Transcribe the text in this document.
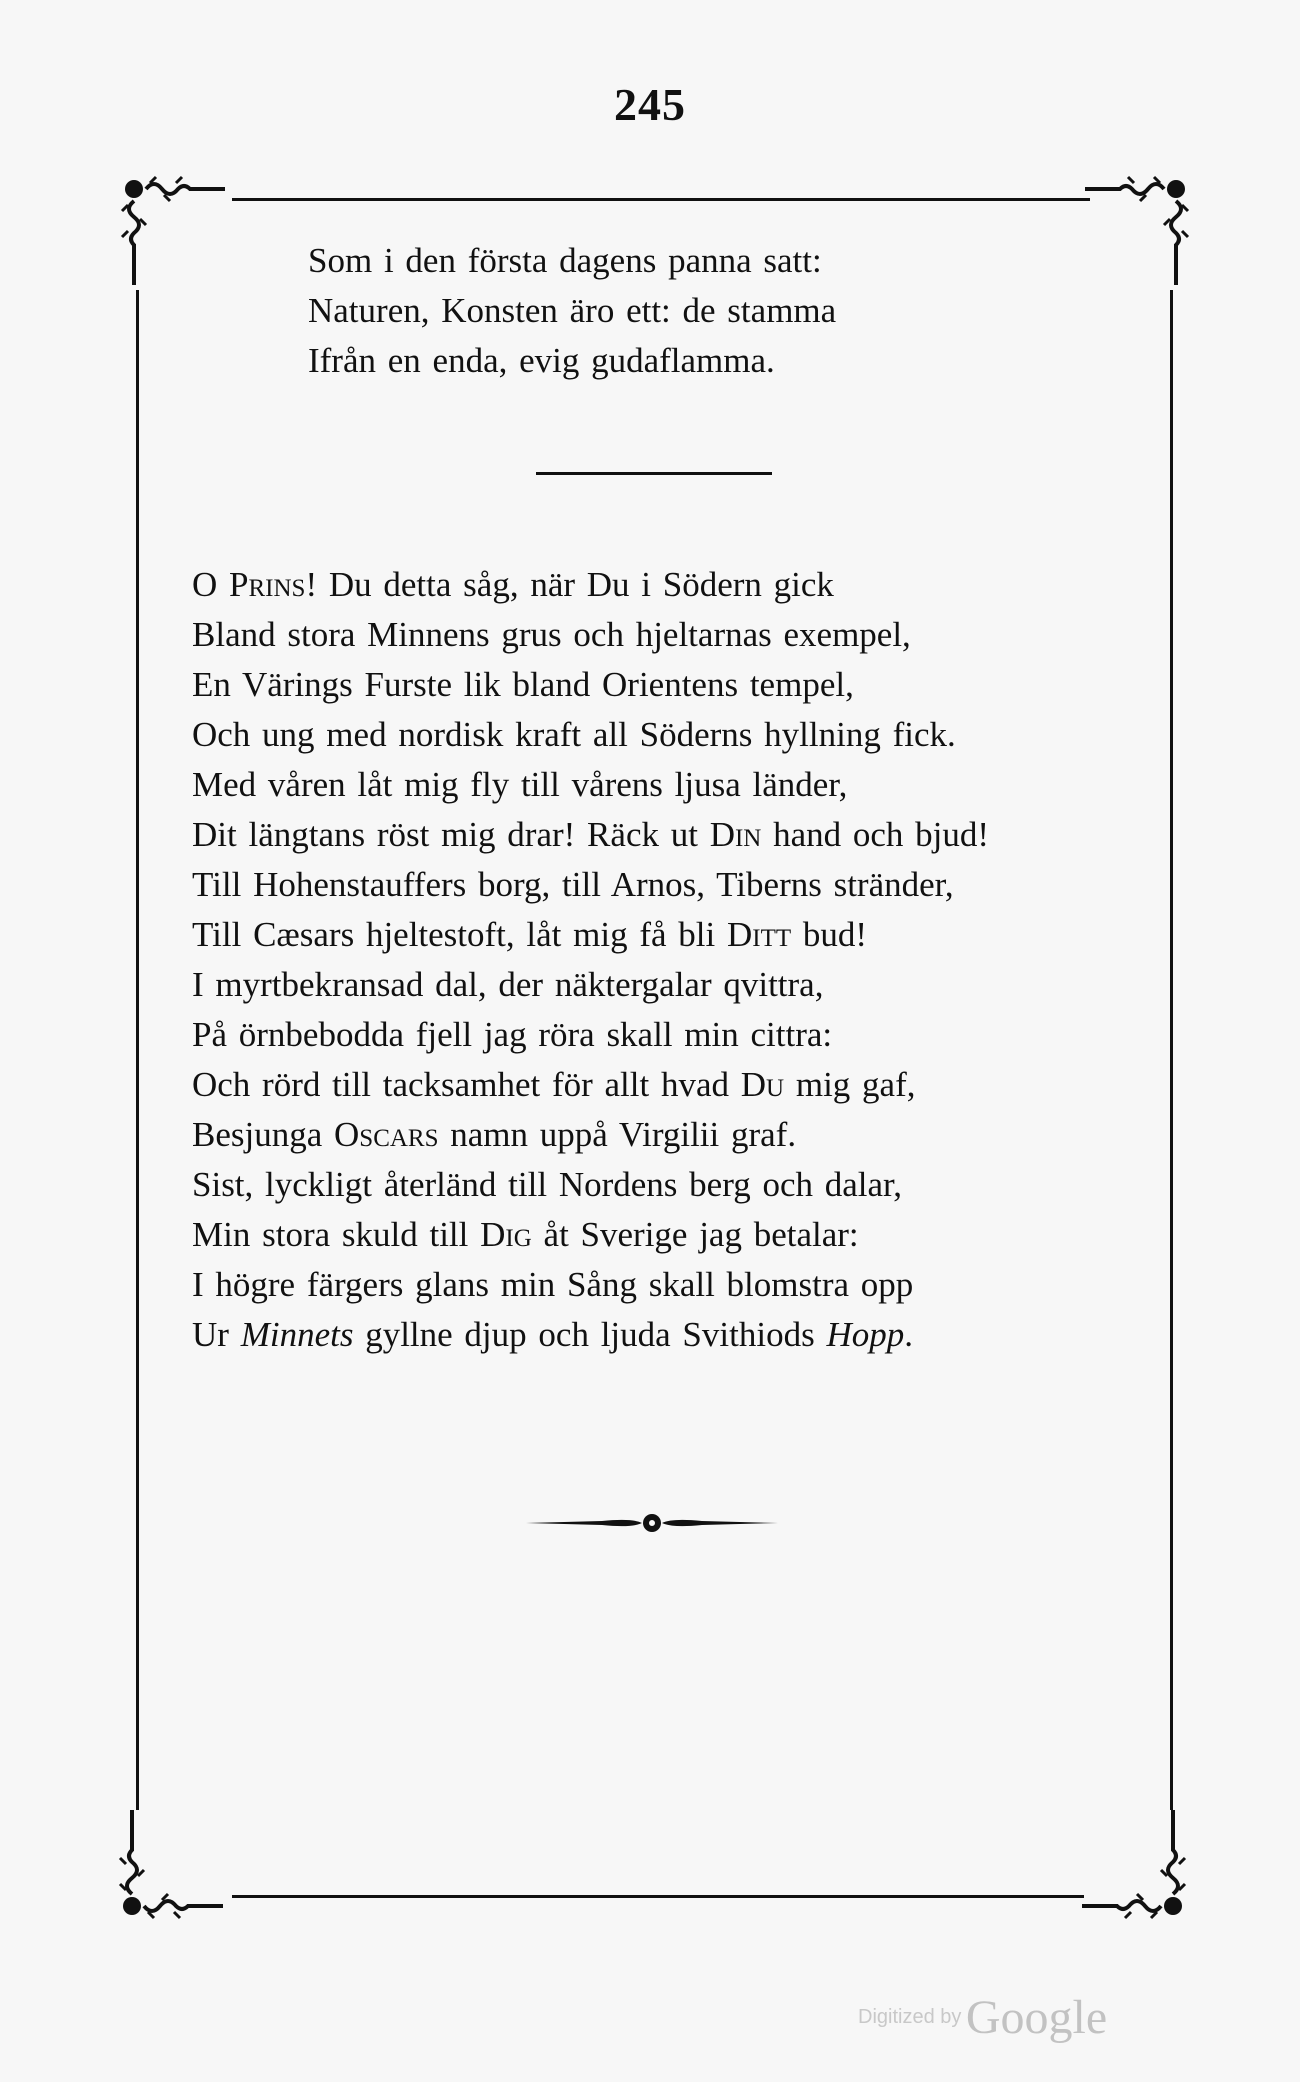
245
Som i den första dagens panna satt:
Naturen, Konsten äro ett: de stamma
Ifrån en enda, evig gudaflamma.
O Prins! Du detta såg, när Du i Södern gick
Bland stora Minnens grus och hjeltarnas exempel,
En Värings Furste lik bland Orientens tempel,
Och ung med nordisk kraft all Söderns hyllning fick.
Med våren låt mig fly till vårens ljusa länder,
Dit längtans röst mig drar! Räck ut Din hand och bjud!
Till Hohenstauffers borg, till Arnos, Tiberns stränder,
Till Cæsars hjeltestoft, låt mig få bli Ditt bud!
I myrtbekransad dal, der näktergalar qvittra,
På örnbebodda fjell jag röra skall min cittra:
Och rörd till tacksamhet för allt hvad Du mig gaf,
Besjunga Oscars namn uppå Virgilii graf.
Sist, lyckligt återländ till Nordens berg och dalar,
Min stora skuld till Dig åt Sverige jag betalar:
I högre färgers glans min Sång skall blomstra opp
Ur Minnets gyllne djup och ljuda Svithiods Hopp.
Digitized by Google
